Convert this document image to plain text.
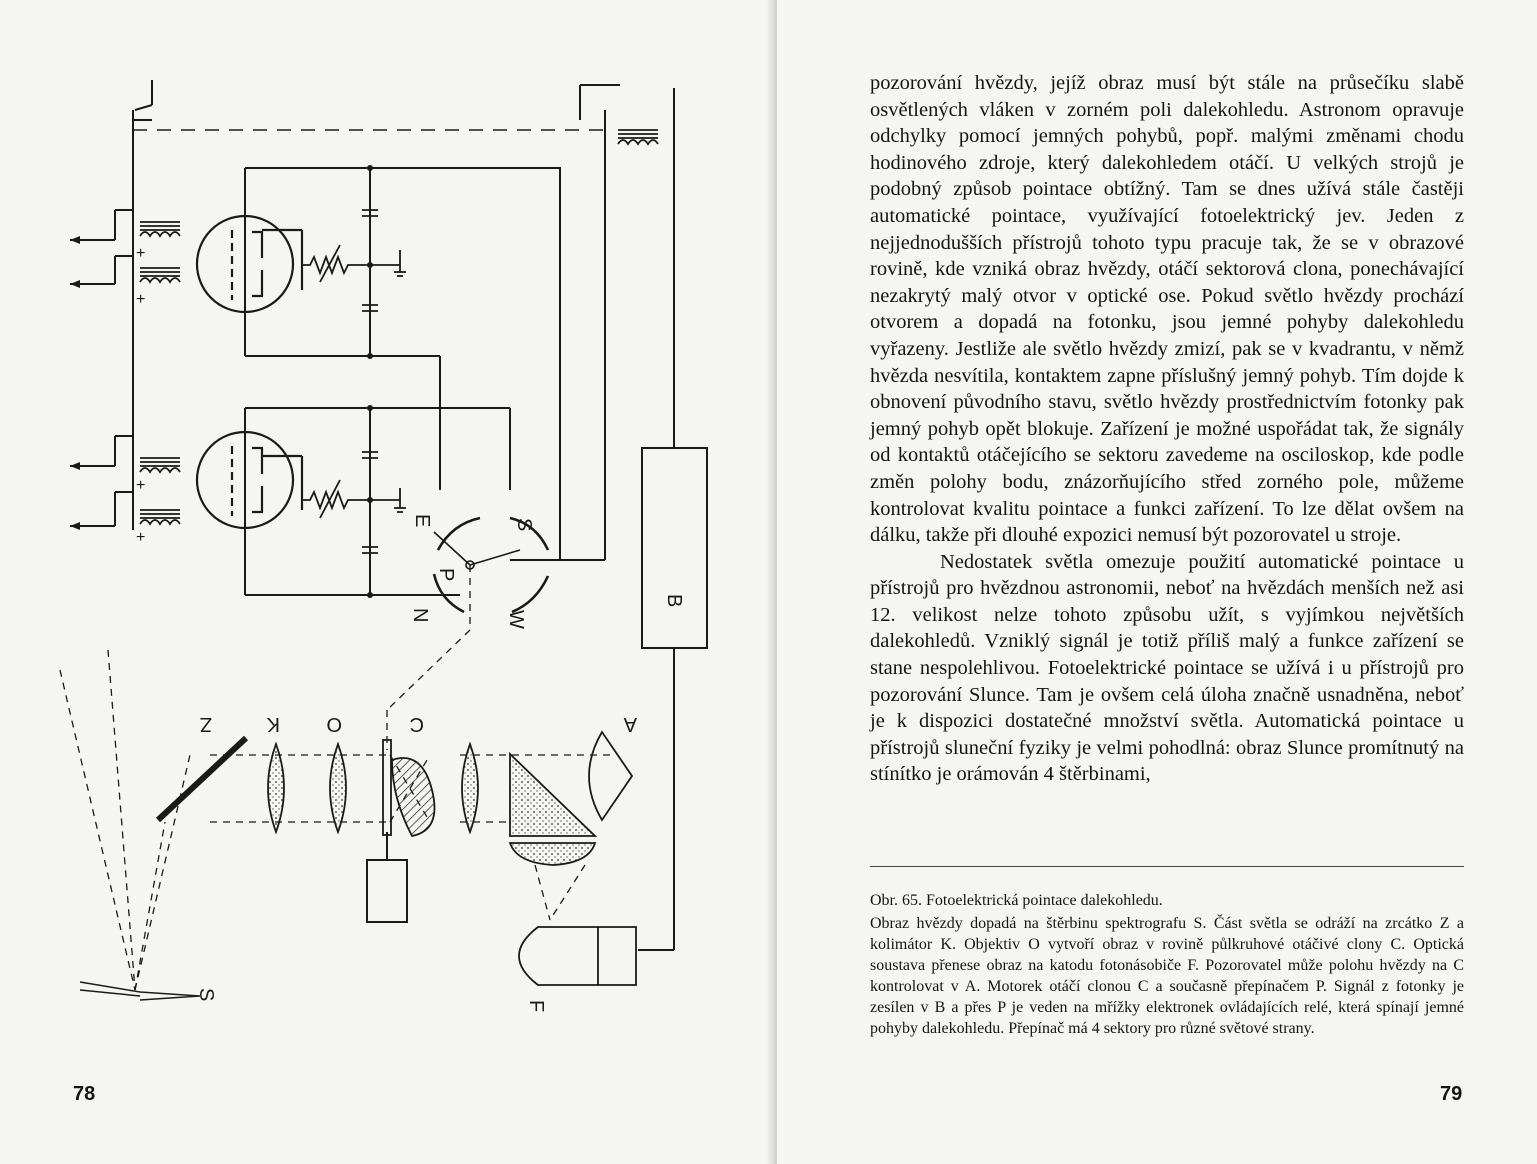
Z	K O	C	A
N
P
E	S
W
B
F
S
+
+
+
+
78

pozorování hvězdy, jejíž obraz musí být stále na průsečíku slabě osvětlených vláken v zorném poli dalekohledu. Astronom opravuje odchylky pomocí jemných pohybů, popř. malými změnami chodu hodinového zdroje, který dalekohledem otáčí. U velkých strojů je podobný způsob pointace obtížný. Tam se dnes užívá stále častěji automatické pointace, využívající fotoelektrický jev. Jeden z nejjednodušších přístrojů tohoto typu pracuje tak, že se v obrazové rovině, kde vzniká obraz hvězdy, otáčí sektorová clona, ponechávající nezakrytý malý otvor v optické ose. Pokud světlo hvězdy prochází otvorem a dopadá na fotonku, jsou jemné pohyby dalekohledu vyřazeny. Jestliže ale světlo hvězdy zmizí, pak se v kvadrantu, v němž hvězda nesvítila, kontaktem zapne příslušný jemný pohyb. Tím dojde k obnovení původního stavu, světlo hvězdy prostřednictvím fotonky pak jemný pohyb opět blokuje. Zařízení je možné uspořádat tak, že signály od kontaktů otáčejícího se sektoru zavedeme na osciloskop, kde podle změn polohy bodu, znázorňujícího střed zorného pole, můžeme kontrolovat kvalitu pointace a funkci zařízení. To lze dělat ovšem na dálku, takže při dlouhé expozici nemusí být pozorovatel u stroje.

Nedostatek světla omezuje použití automatické pointace u přístrojů pro hvězdnou astronomii, neboť na hvězdách menších než asi 12. velikost nelze tohoto způsobu užít, s vyjímkou největších dalekohledů. Vzniklý signál je totiž příliš malý a funkce zařízení se stane nespolehlivou. Fotoelektrické pointace se užívá i u přístrojů pro pozorování Slunce. Tam je ovšem celá úloha značně usnadněna, neboť je k dispozici dostatečné množství světla. Automatická pointace u přístrojů sluneční fyziky je velmi pohodlná: obraz Slunce promítnutý na stínítko je orámován 4 štěrbinami,

Obr. 65. Fotoelektrická pointace dalekohledu.
Obraz hvězdy dopadá na štěrbinu spektrografu S. Část světla se odráží na zrcátko Z a kolimátor K. Objektiv O vytvoří obraz v rovině půlkruhové otáčivé clony C. Optická soustava přenese obraz na katodu fotonásobiče F. Pozorovatel může polohu hvězdy na C kontrolovat v A. Motorek otáčí clonou C a současně přepínačem P. Signál z fotonky je zesílen v B a přes P je veden na mřížky elektronek ovládajících relé, která spínají jemné pohyby dalekohledu. Přepínač má 4 sektory pro různé světové strany.
79
